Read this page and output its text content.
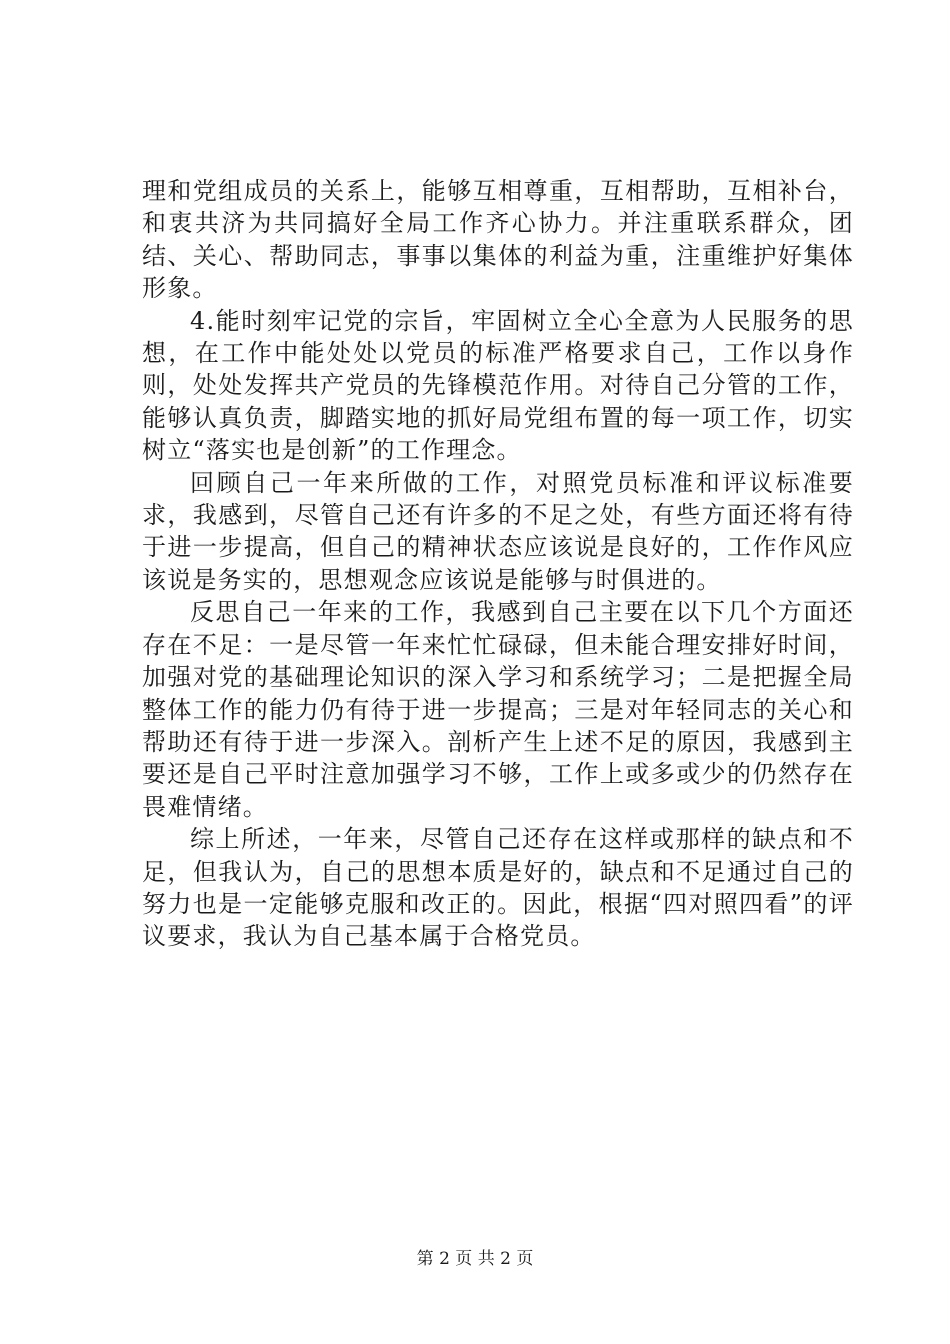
理和党组成员的关系上，能够互相尊重，互相帮助，互相补台，和衷共济为共同搞好全局工作齐心协力。并注重联系群众，团结、关心、帮助同志，事事以集体的利益为重，注重维护好集体形象。

4.能时刻牢记党的宗旨，牢固树立全心全意为人民服务的思想，在工作中能处处以党员的标准严格要求自己，工作以身作则，处处发挥共产党员的先锋模范作用。对待自己分管的工作，能够认真负责，脚踏实地的抓好局党组布置的每一项工作，切实树立“落实也是创新”的工作理念。

回顾自己一年来所做的工作，对照党员标准和评议标准要求，我感到，尽管自己还有许多的不足之处，有些方面还将有待于进一步提高，但自己的精神状态应该说是良好的，工作作风应该说是务实的，思想观念应该说是能够与时俱进的。

反思自己一年来的工作，我感到自己主要在以下几个方面还存在不足：一是尽管一年来忙忙碌碌，但未能合理安排好时间，加强对党的基础理论知识的深入学习和系统学习；二是把握全局整体工作的能力仍有待于进一步提高；三是对年轻同志的关心和帮助还有待于进一步深入。剖析产生上述不足的原因，我感到主要还是自己平时注意加强学习不够，工作上或多或少的仍然存在畏难情绪。

综上所述，一年来，尽管自己还存在这样或那样的缺点和不足，但我认为，自己的思想本质是好的，缺点和不足通过自己的努力也是一定能够克服和改正的。因此，根据“四对照四看”的评议要求，我认为自己基本属于合格党员。

第 2 页 共 2 页
